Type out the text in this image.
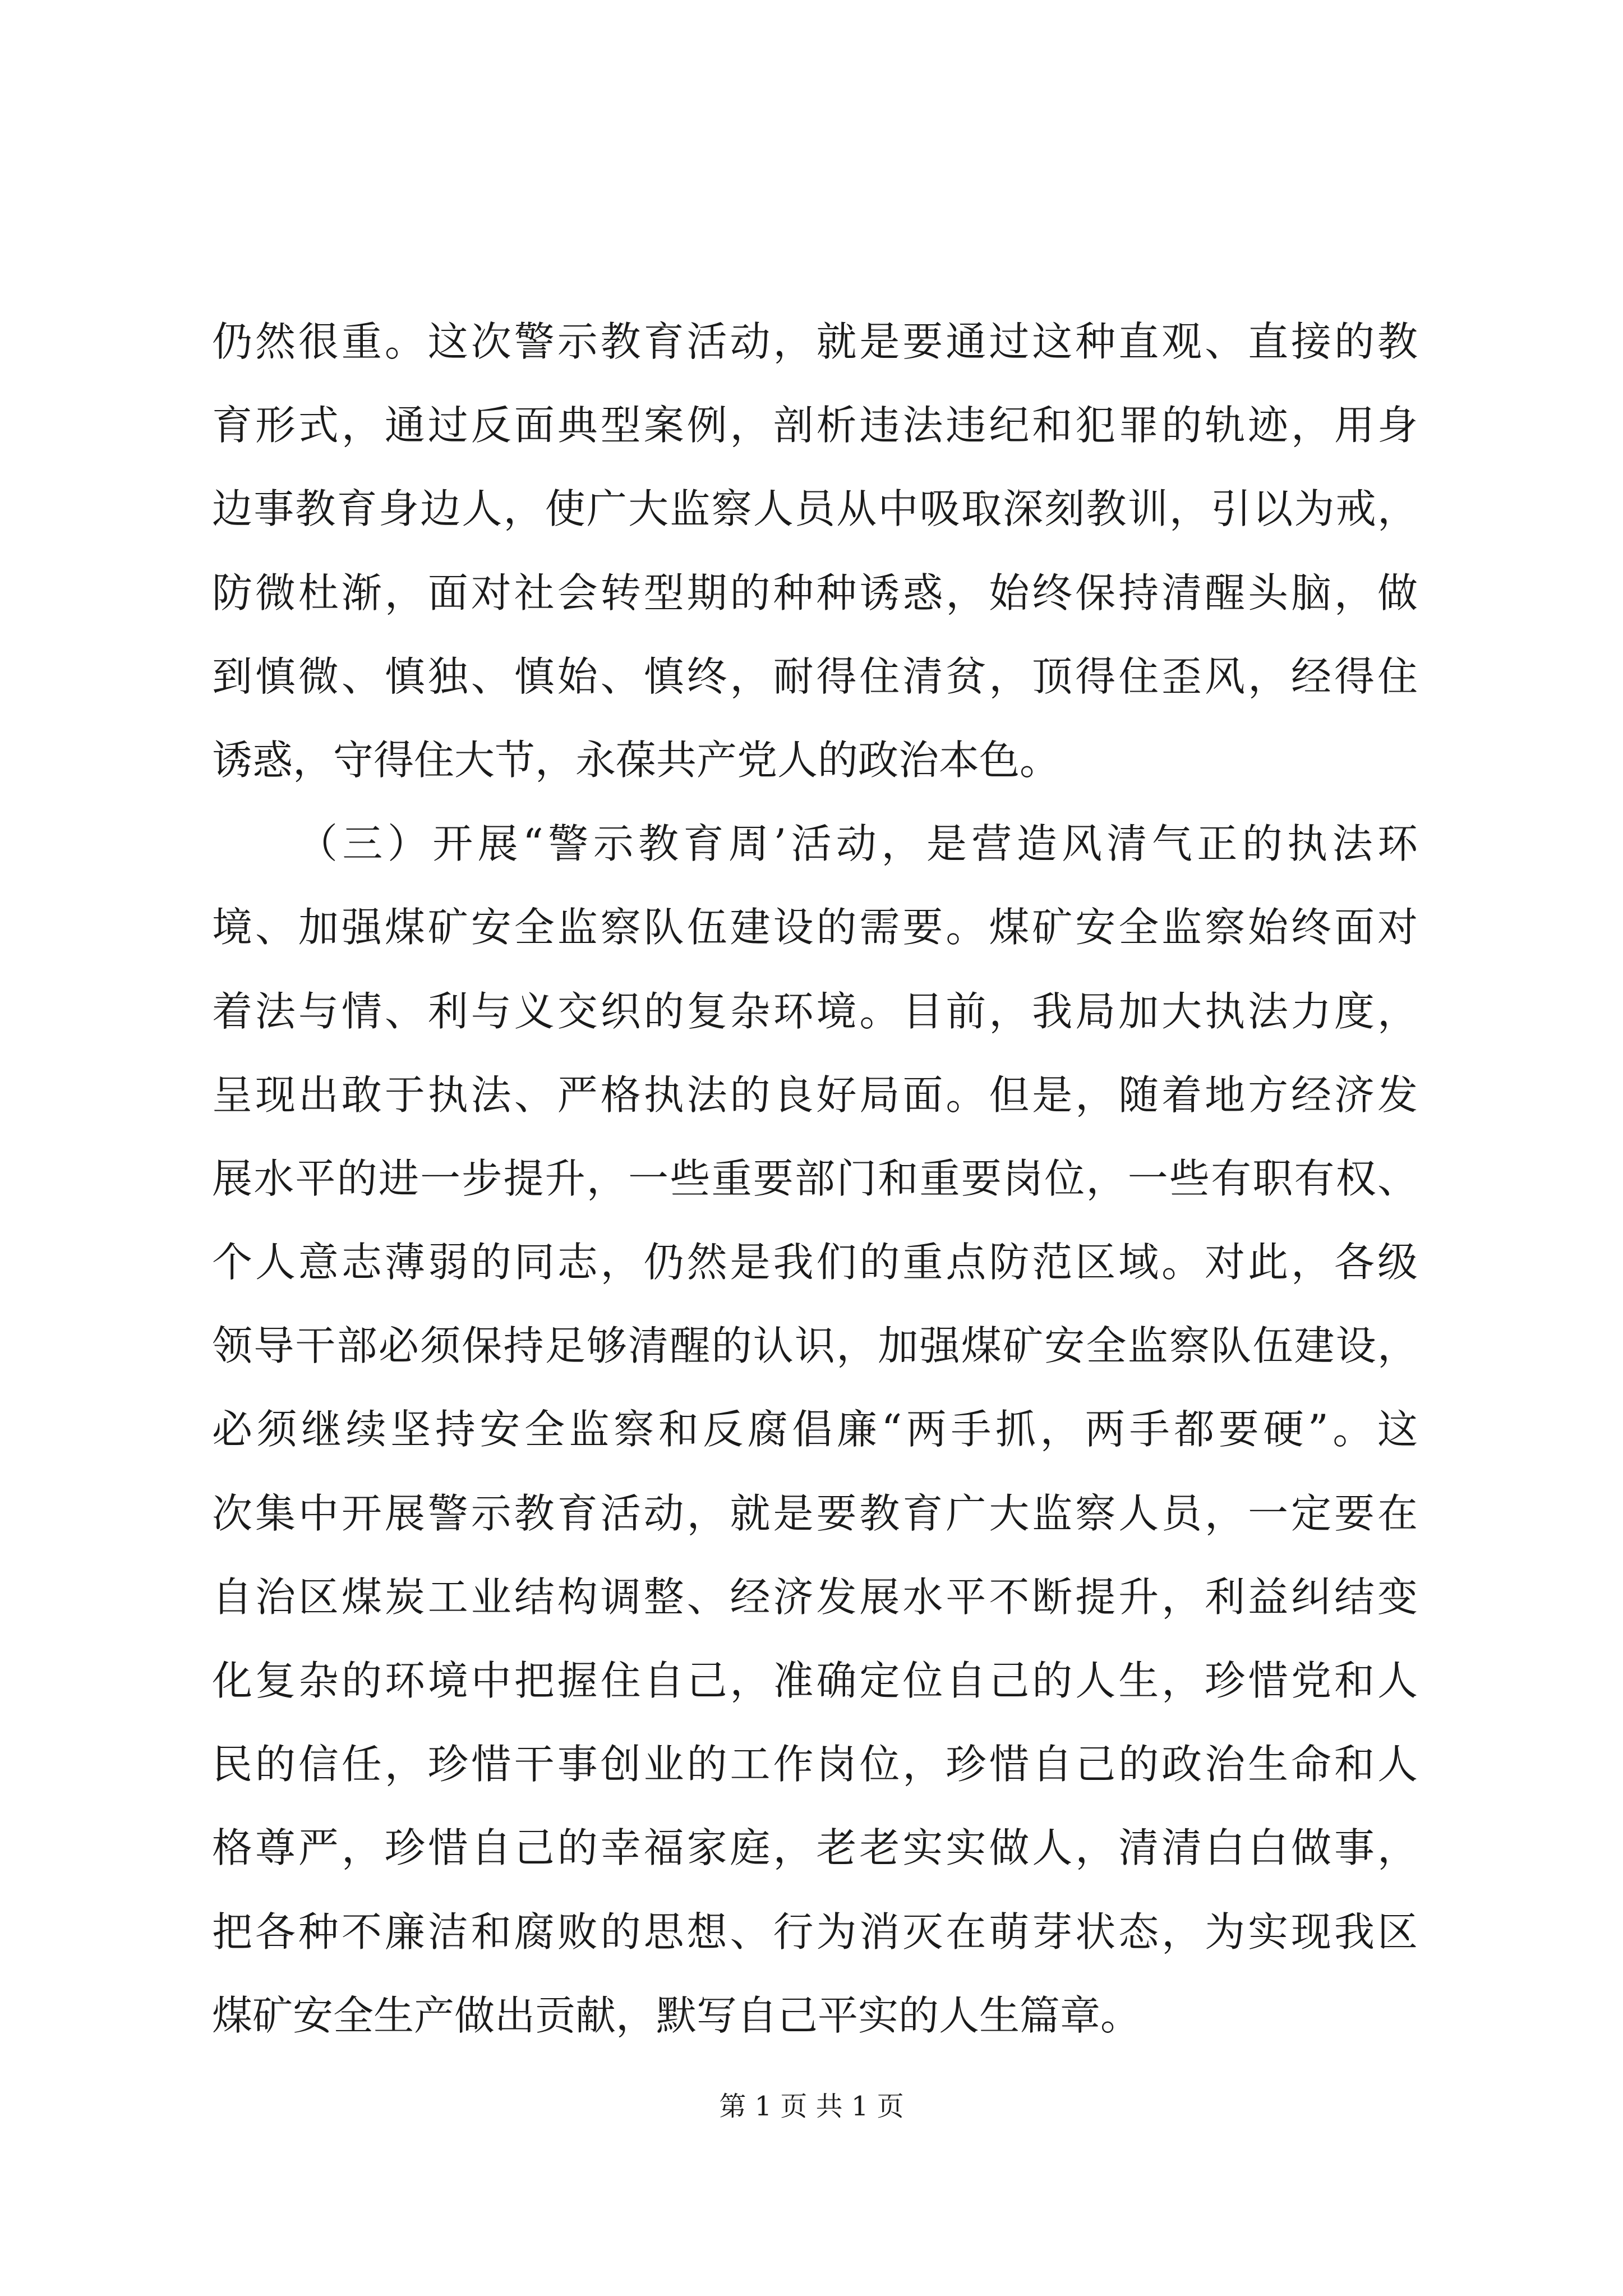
仍然很重。这次警示教育活动，就是要通过这种直观、直接的教
育形式，通过反面典型案例，剖析违法违纪和犯罪的轨迹，用身
边事教育身边人，使广大监察人员从中吸取深刻教训，引以为戒，
防微杜渐，面对社会转型期的种种诱惑，始终保持清醒头脑，做
到慎微、慎独、慎始、慎终，耐得住清贫，顶得住歪风，经得住
诱惑，守得住大节，永葆共产党人的政治本色。
（三）开展“警示教育周’活动，是营造风清气正的执法环
境、加强煤矿安全监察队伍建设的需要。煤矿安全监察始终面对
着法与情、利与义交织的复杂环境。目前，我局加大执法力度，
呈现出敢于执法、严格执法的良好局面。但是，随着地方经济发
展水平的进一步提升，一些重要部门和重要岗位，一些有职有权、
个人意志薄弱的同志，仍然是我们的重点防范区域。对此，各级
领导干部必须保持足够清醒的认识，加强煤矿安全监察队伍建设，
必须继续坚持安全监察和反腐倡廉“两手抓，两手都要硬”。这
次集中开展警示教育活动，就是要教育广大监察人员，一定要在
自治区煤炭工业结构调整、经济发展水平不断提升，利益纠结变
化复杂的环境中把握住自己，准确定位自己的人生，珍惜党和人
民的信任，珍惜干事创业的工作岗位，珍惜自己的政治生命和人
格尊严，珍惜自己的幸福家庭，老老实实做人，清清白白做事，
把各种不廉洁和腐败的思想、行为消灭在萌芽状态，为实现我区
煤矿安全生产做出贡献，默写自己平实的人生篇章。
第 1 页 共 1 页
